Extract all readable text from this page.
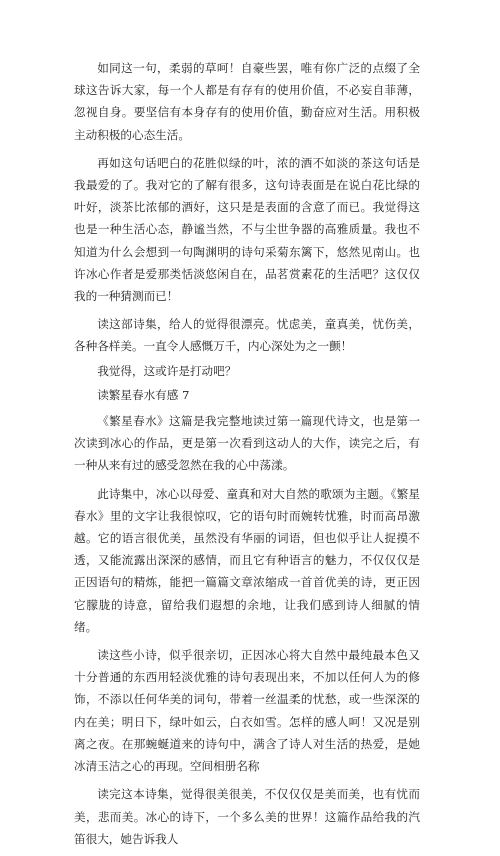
如同这一句，柔弱的草呵！自豪些罢，唯有你广泛的点缀了全球这告诉大家，每一个人都是有存有的使用价值，不必妄自菲薄，忽视自身。要坚信有本身存有的使用价值，勤奋应对生活。用积极主动积极的心态生活。

再如这句话吧白的花胜似绿的叶，浓的酒不如淡的茶这句话是我最爱的了。我对它的了解有很多，这句诗表面是在说白花比绿的叶好，淡茶比浓郁的酒好，这只是是表面的含意了而已。我觉得这也是一种生活心态，静谧当然，不与尘世争器的高雅质量。我也不知道为什么会想到一句陶渊明的诗句采菊东篱下，悠然见南山。也许冰心作者是爱那类恬淡悠闲自在，品茗赏素花的生活吧？这仅仅我的一种猜测而已！

读这部诗集，给人的觉得很漂亮。忧虑美，童真美，忧伤美，各种各样美。一直令人感慨万千，内心深处为之一颤！

我觉得，这或许是打动吧？

读繁星春水有感 7

《繁星春水》这篇是我完整地读过第一篇现代诗文，也是第一次读到冰心的作品，更是第一次看到这动人的大作，读完之后，有一种从来有过的感受忽然在我的心中荡漾。

此诗集中，冰心以母爱、童真和对大自然的歌颂为主题。《繁星春水》里的文字让我很惊叹，它的语句时而婉转忧雅，时而高昂激越。它的语言很优美，虽然没有华丽的词语，但也似乎让人捉摸不透，又能流露出深深的感情，而且它有种语言的魅力，不仅仅仅是正因语句的精炼，能把一篇篇文章浓缩成一首首优美的诗，更正因它朦胧的诗意，留给我们遐想的余地，让我们感到诗人细腻的情绪。

读这些小诗，似乎很亲切，正因冰心将大自然中最纯最本色又十分普通的东西用轻淡优雅的诗句表现出来，不加以任何人为的修饰，不添以任何华美的词句，带着一丝温柔的忧愁，或一些深深的内在美；明日下，绿叶如云，白衣如雪。怎样的感人呵！又况是别离之夜。在那蜿蜒道来的诗句中，满含了诗人对生活的热爱，是她冰清玉洁之心的再现。空间相册名称

读完这本诗集，觉得很美很美，不仅仅仅是美而美，也有忧而美，悲而美。冰心的诗下，一个多么美的世界！这篇作品给我的汽笛很大，她告诉我人
